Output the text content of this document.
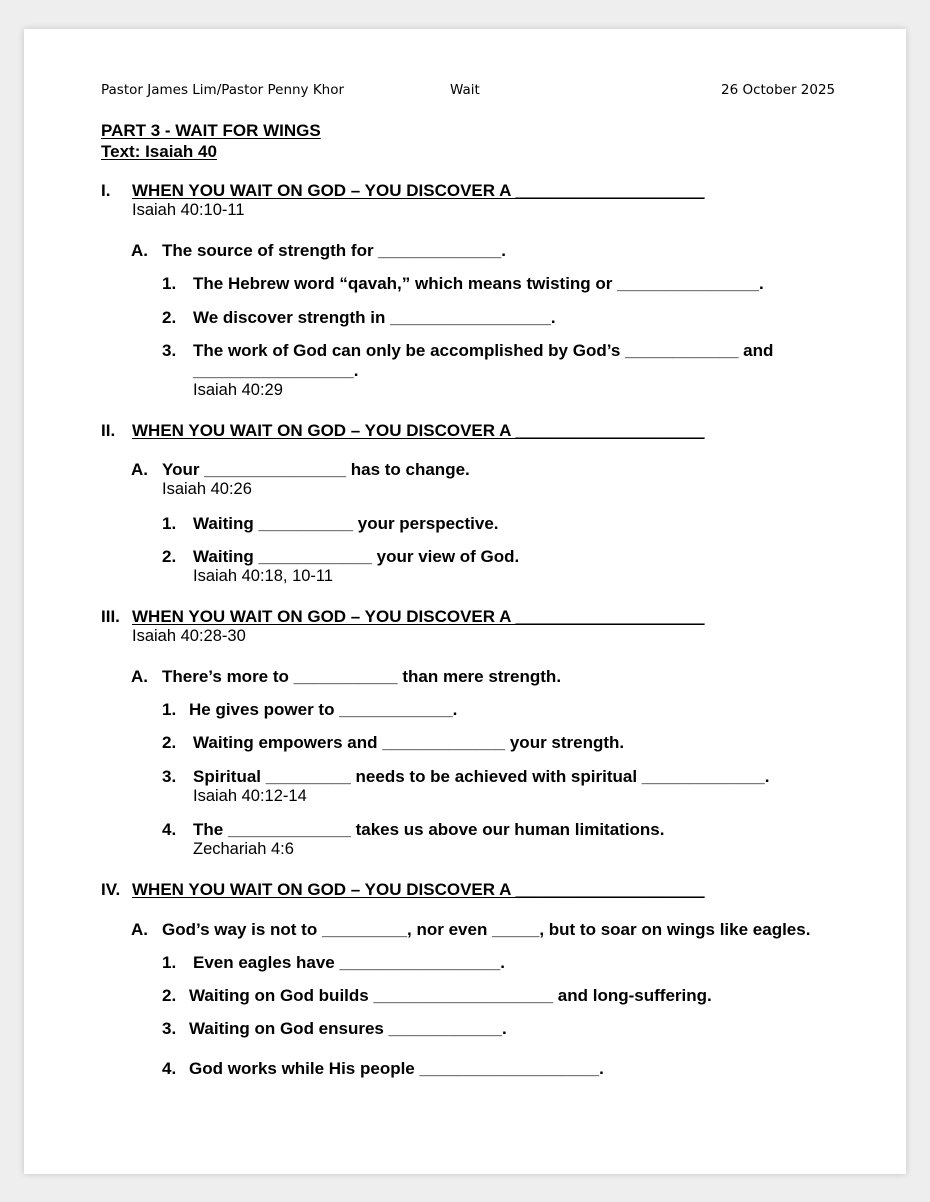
Pastor James Lim/Pastor Penny Khor	Wait	26 October 2025
PART 3 - WAIT FOR WINGS
Text: Isaiah 40
I. WHEN YOU WAIT ON GOD – YOU DISCOVER A ____________________
Isaiah 40:10-11
A. The source of strength for _____________.
1. The Hebrew word “qavah,” which means twisting or _______________.
2. We discover strength in _________________.
3. The work of God can only be accomplished by God’s ____________ and
_________________.
Isaiah 40:29
II. WHEN YOU WAIT ON GOD – YOU DISCOVER A ____________________
A. Your _______________ has to change.
Isaiah 40:26
1. Waiting __________ your perspective.
2. Waiting ____________ your view of God.
Isaiah 40:18, 10-11
III. WHEN YOU WAIT ON GOD – YOU DISCOVER A ____________________
Isaiah 40:28-30
A. There’s more to ___________ than mere strength.
1. He gives power to ____________.
2. Waiting empowers and _____________ your strength.
3. Spiritual _________ needs to be achieved with spiritual _____________.
Isaiah 40:12-14
4. The _____________ takes us above our human limitations.
Zechariah 4:6
IV. WHEN YOU WAIT ON GOD – YOU DISCOVER A ____________________
A. God’s way is not to _________, nor even _____, but to soar on wings like eagles.
1. Even eagles have _________________.
2. Waiting on God builds ___________________ and long-suffering.
3. Waiting on God ensures ____________.
4. God works while His people ___________________.
